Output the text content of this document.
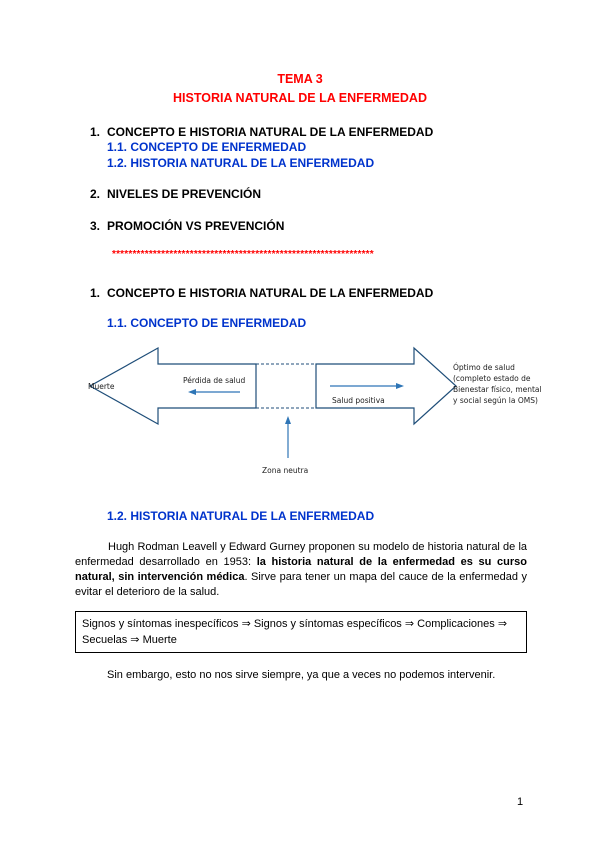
TEMA 3
HISTORIA NATURAL DE LA ENFERMEDAD
1. CONCEPTO E HISTORIA NATURAL DE LA ENFERMEDAD
1.1. CONCEPTO DE ENFERMEDAD
1.2. HISTORIA NATURAL DE LA ENFERMEDAD
2. NIVELES DE PREVENCIÓN
3. PROMOCIÓN VS PREVENCIÓN
****************************************************************
1. CONCEPTO E HISTORIA NATURAL DE LA ENFERMEDAD
1.1. CONCEPTO DE ENFERMEDAD
Muerte
Pérdida de salud
Salud positiva
Zona neutra
Óptimo de salud
(completo estado de
Bienestar físico, mental
y social según la OMS)
1.2. HISTORIA NATURAL DE LA ENFERMEDAD
Hugh Rodman Leavell y Edward Gurney proponen su modelo de historia natural de la enfermedad desarrollado en 1953: la historia natural de la enfermedad es su curso natural, sin intervención médica. Sirve para tener un mapa del cauce de la enfermedad y evitar el deterioro de la salud.
Signos y síntomas inespecíficos ⇒ Signos y síntomas específicos ⇒ Complicaciones ⇒ Secuelas ⇒ Muerte
Sin embargo, esto no nos sirve siempre, ya que a veces no podemos intervenir.
1
